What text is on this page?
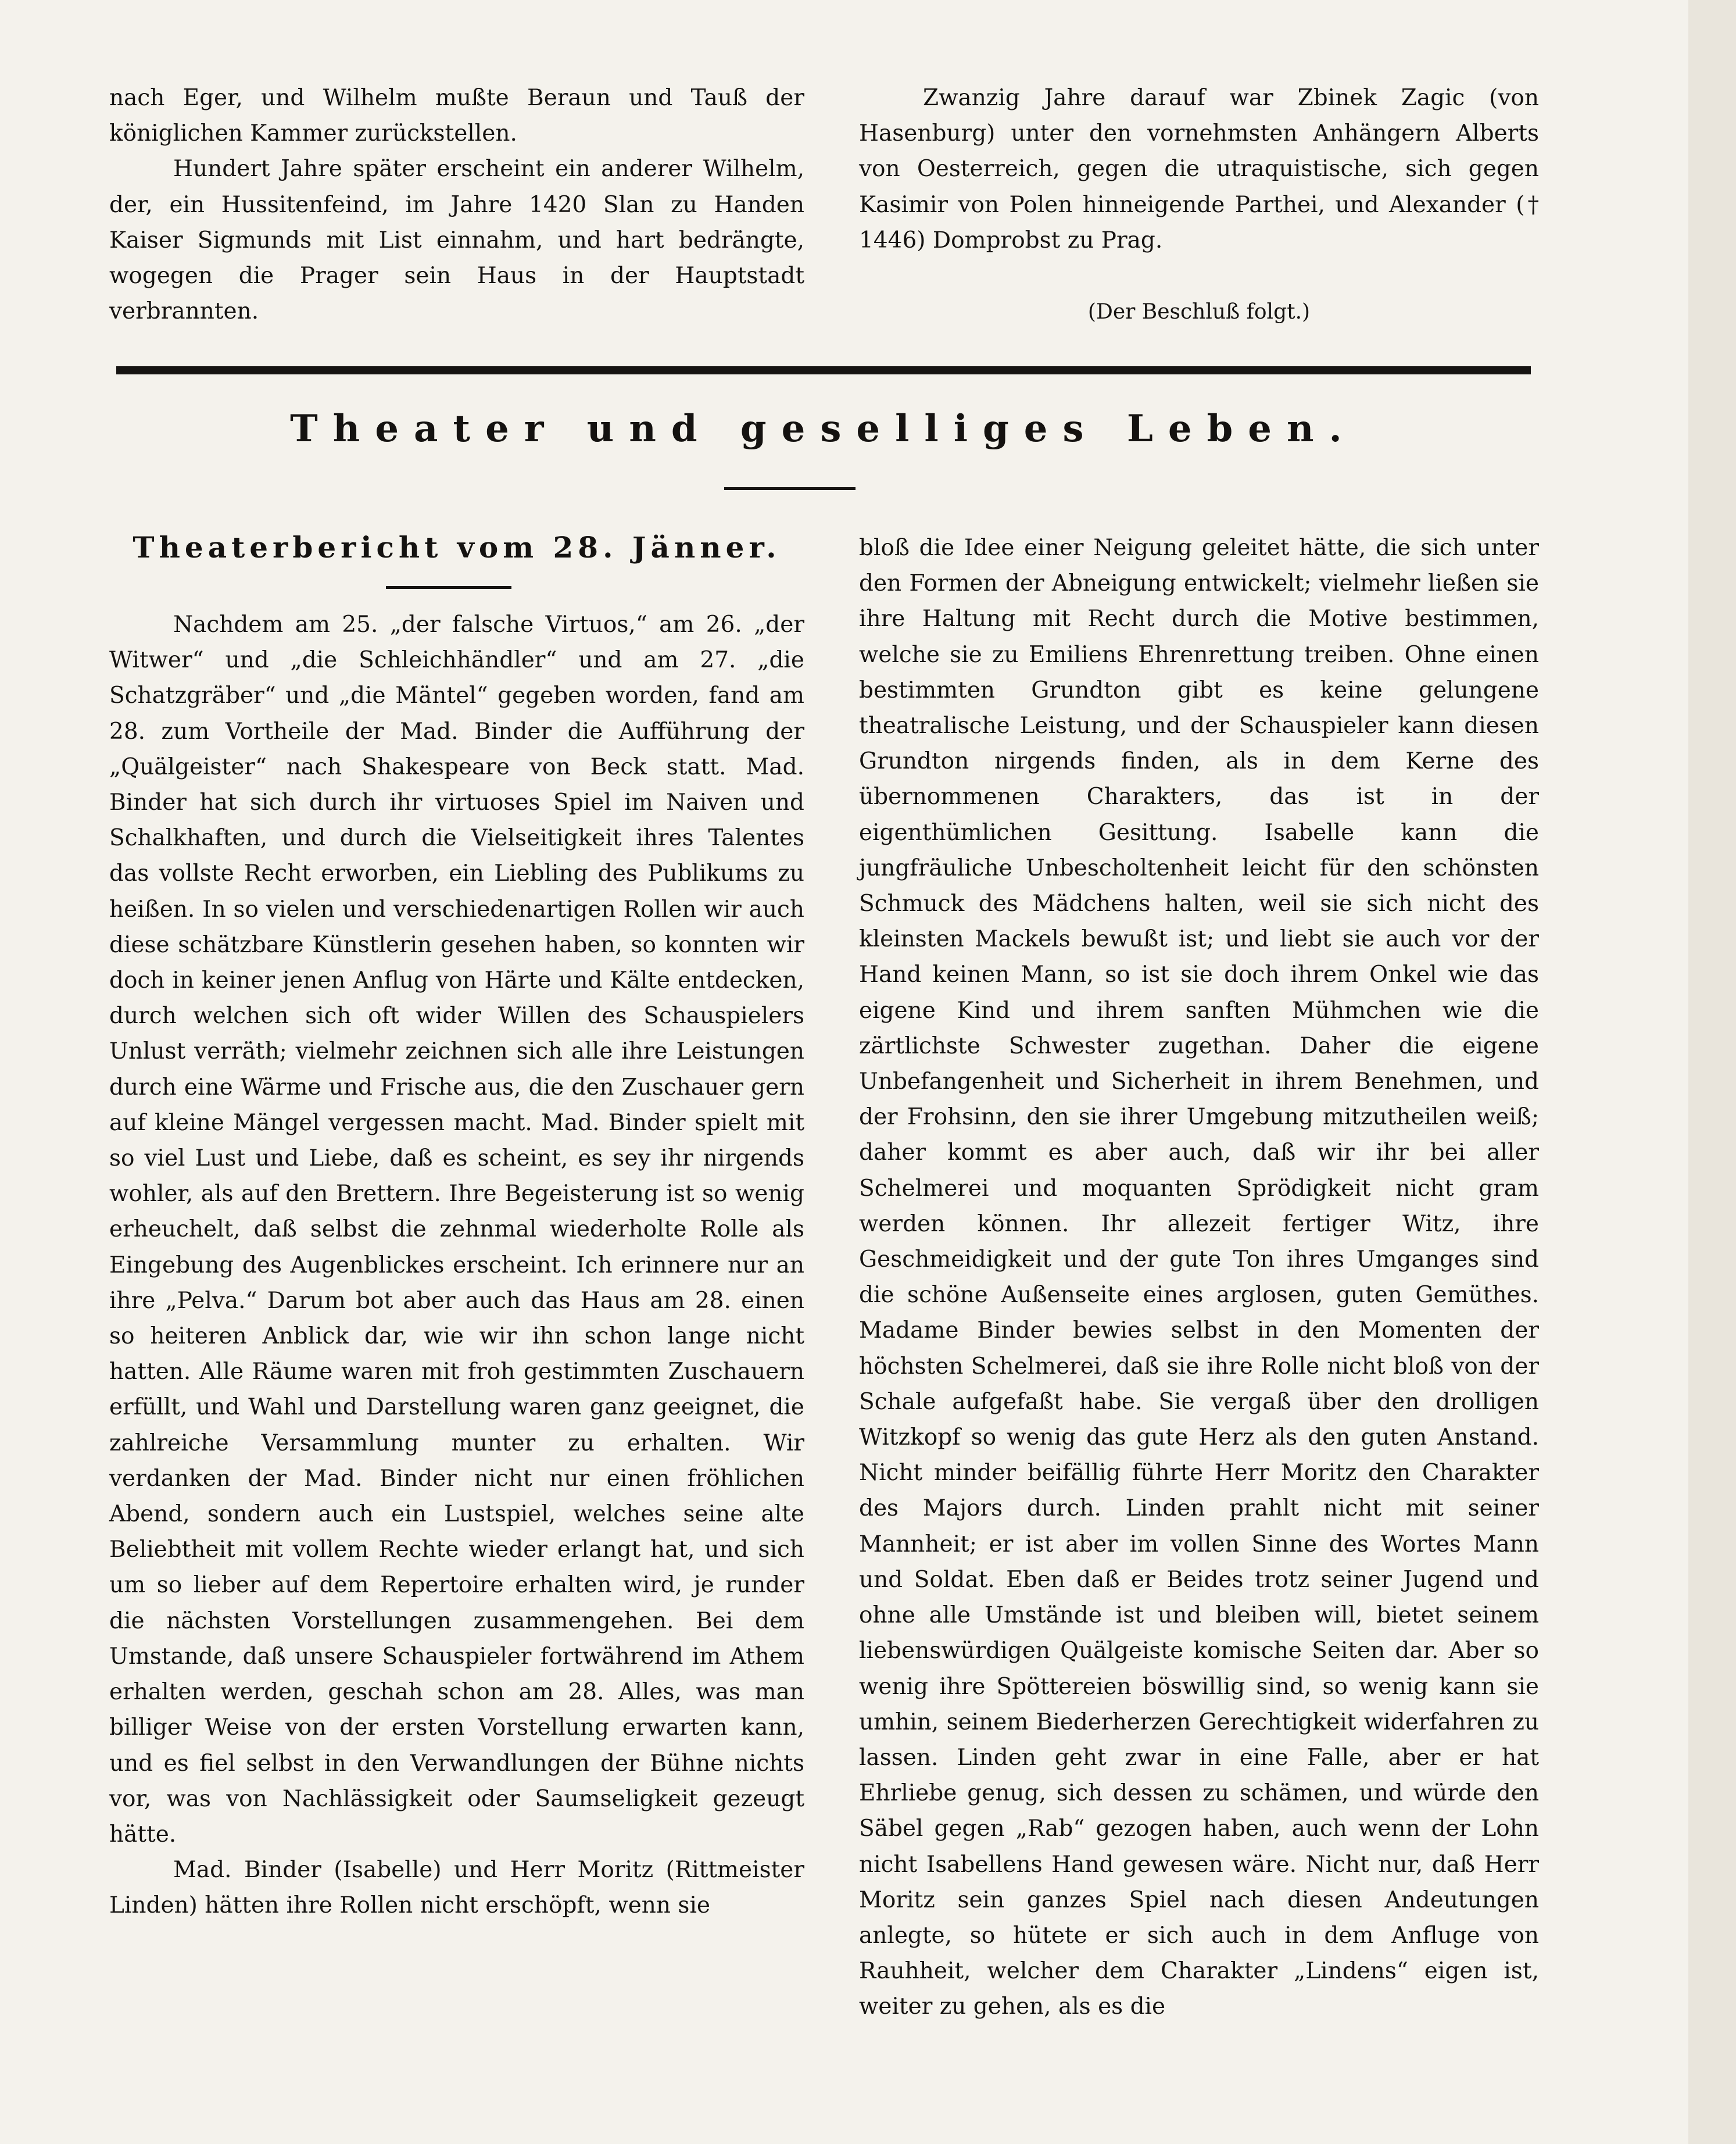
nach Eger, und Wilhelm mußte Beraun und Tauß der königlichen Kammer zurückstellen.

Hundert Jahre später erscheint ein anderer Wilhelm, der, ein Hussitenfeind, im Jahre 1420 Slan zu Handen Kaiser Sigmunds mit List einnahm, und hart bedrängte, wogegen die Prager sein Haus in der Hauptstadt verbrannten.

Zwanzig Jahre darauf war Zbinek Zagic (von Hasenburg) unter den vornehmsten Anhängern Alberts von Oesterreich, gegen die utraquistische, sich gegen Kasimir von Polen hinneigende Parthei, und Alexander († 1446) Domprobst zu Prag.

(Der Beschluß folgt.)
Theater und geselliges Leben.
Theaterbericht vom 28. Jänner.

Nachdem am 25. „der falsche Virtuos,“ am 26. „der Witwer“ und „die Schleichhändler“ und am 27. „die Schatzgräber“ und „die Mäntel“ gegeben worden, fand am 28. zum Vortheile der Mad. Binder die Aufführung der „Quälgeister“ nach Shakespeare von Beck statt. Mad. Binder hat sich durch ihr virtuoses Spiel im Naiven und Schalkhaften, und durch die Vielseitigkeit ihres Talentes das vollste Recht erworben, ein Liebling des Publikums zu heißen. In so vielen und verschiedenartigen Rollen wir auch diese schätzbare Künstlerin gesehen haben, so konnten wir doch in keiner jenen Anflug von Härte und Kälte entdecken, durch welchen sich oft wider Willen des Schauspielers Unlust verräth; vielmehr zeichnen sich alle ihre Leistungen durch eine Wärme und Frische aus, die den Zuschauer gern auf kleine Mängel vergessen macht. Mad. Binder spielt mit so viel Lust und Liebe, daß es scheint, es sey ihr nirgends wohler, als auf den Brettern. Ihre Begeisterung ist so wenig erheuchelt, daß selbst die zehnmal wiederholte Rolle als Eingebung des Augenblickes erscheint. Ich erinnere nur an ihre „Pelva.“ Darum bot aber auch das Haus am 28. einen so heiteren Anblick dar, wie wir ihn schon lange nicht hatten. Alle Räume waren mit froh gestimmten Zuschauern erfüllt, und Wahl und Darstellung waren ganz geeignet, die zahlreiche Versammlung munter zu erhalten. Wir verdanken der Mad. Binder nicht nur einen fröhlichen Abend, sondern auch ein Lustspiel, welches seine alte Beliebtheit mit vollem Rechte wieder erlangt hat, und sich um so lieber auf dem Repertoire erhalten wird, je runder die nächsten Vorstellungen zusammengehen. Bei dem Umstande, daß unsere Schauspieler fortwährend im Athem erhalten werden, geschah schon am 28. Alles, was man billiger Weise von der ersten Vorstellung erwarten kann, und es fiel selbst in den Verwandlungen der Bühne nichts vor, was von Nachlässigkeit oder Saumseligkeit gezeugt hätte.

Mad. Binder (Isabelle) und Herr Moritz (Rittmeister Linden) hätten ihre Rollen nicht erschöpft, wenn sie

bloß die Idee einer Neigung geleitet hätte, die sich unter den Formen der Abneigung entwickelt; vielmehr ließen sie ihre Haltung mit Recht durch die Motive bestimmen, welche sie zu Emiliens Ehrenrettung treiben. Ohne einen bestimmten Grundton gibt es keine gelungene theatralische Leistung, und der Schauspieler kann diesen Grundton nirgends finden, als in dem Kerne des übernommenen Charakters, das ist in der eigenthümlichen Gesittung. Isabelle kann die jungfräuliche Unbescholtenheit leicht für den schönsten Schmuck des Mädchens halten, weil sie sich nicht des kleinsten Mackels bewußt ist; und liebt sie auch vor der Hand keinen Mann, so ist sie doch ihrem Onkel wie das eigene Kind und ihrem sanften Mühmchen wie die zärtlichste Schwester zugethan. Daher die eigene Unbefangenheit und Sicherheit in ihrem Benehmen, und der Frohsinn, den sie ihrer Umgebung mitzutheilen weiß; daher kommt es aber auch, daß wir ihr bei aller Schelmerei und moquanten Sprödigkeit nicht gram werden können. Ihr allezeit fertiger Witz, ihre Geschmeidigkeit und der gute Ton ihres Umganges sind die schöne Außenseite eines arglosen, guten Gemüthes. Madame Binder bewies selbst in den Momenten der höchsten Schelmerei, daß sie ihre Rolle nicht bloß von der Schale aufgefaßt habe. Sie vergaß über den drolligen Witzkopf so wenig das gute Herz als den guten Anstand. Nicht minder beifällig führte Herr Moritz den Charakter des Majors durch. Linden prahlt nicht mit seiner Mannheit; er ist aber im vollen Sinne des Wortes Mann und Soldat. Eben daß er Beides trotz seiner Jugend und ohne alle Umstände ist und bleiben will, bietet seinem liebenswürdigen Quälgeiste komische Seiten dar. Aber so wenig ihre Spöttereien böswillig sind, so wenig kann sie umhin, seinem Biederherzen Gerechtigkeit widerfahren zu lassen. Linden geht zwar in eine Falle, aber er hat Ehrliebe genug, sich dessen zu schämen, und würde den Säbel gegen „Rab“ gezogen haben, auch wenn der Lohn nicht Isabellens Hand gewesen wäre. Nicht nur, daß Herr Moritz sein ganzes Spiel nach diesen Andeutungen anlegte, so hütete er sich auch in dem Anfluge von Rauhheit, welcher dem Charakter „Lindens“ eigen ist, weiter zu gehen, als es die
